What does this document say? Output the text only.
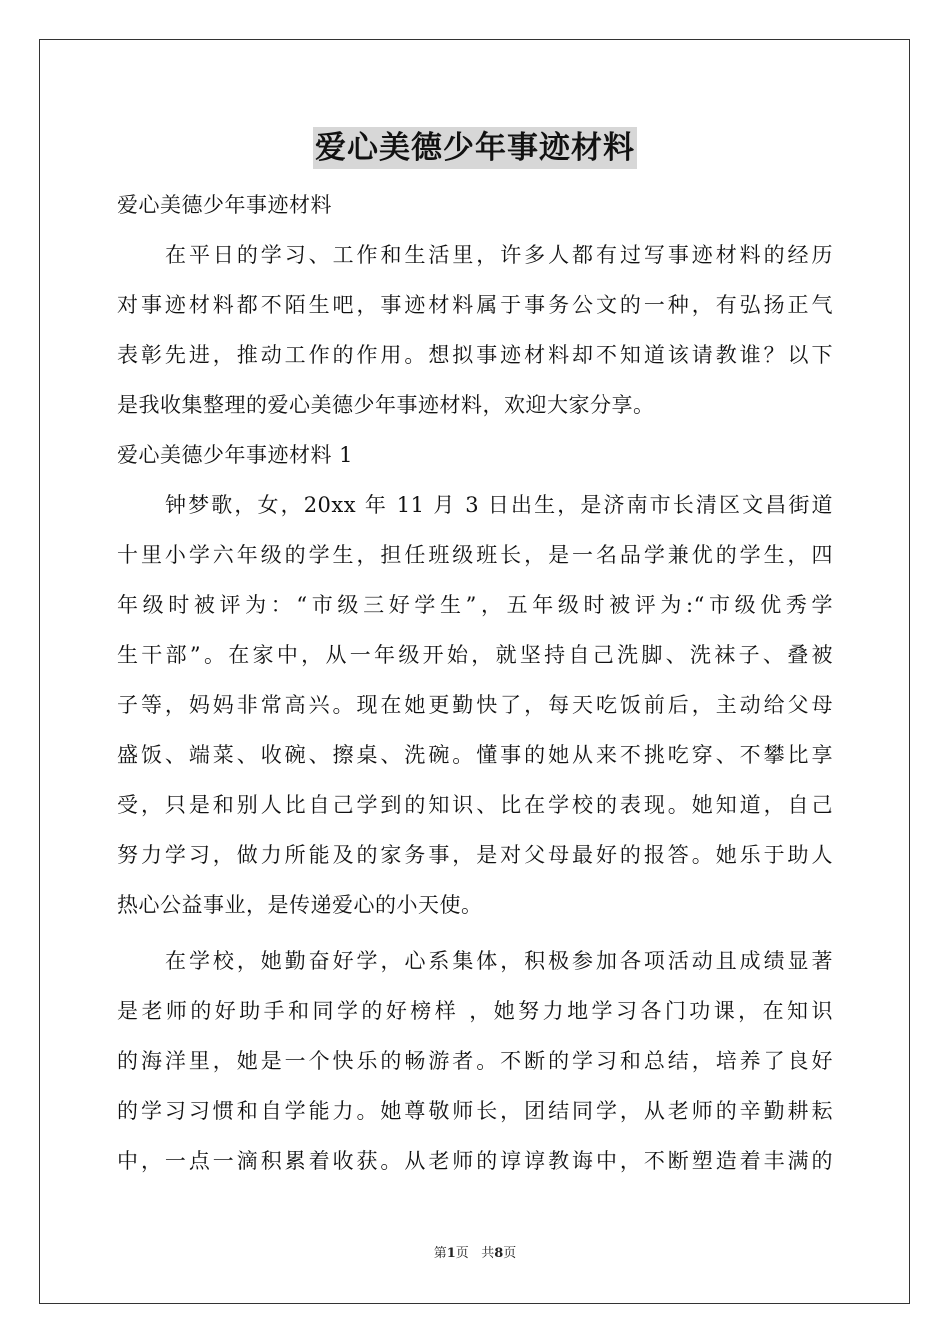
爱心美德少年事迹材料
爱心美德少年事迹材料
在平日的学习、工作和生活里，许多人都有过写事迹材料的经历
对事迹材料都不陌生吧，事迹材料属于事务公文的一种，有弘扬正气
表彰先进，推动工作的作用。想拟事迹材料却不知道该请教谁？以下
是我收集整理的爱心美德少年事迹材料，欢迎大家分享。
爱心美德少年事迹材料 1
钟梦歌，女，20xx 年 11 月 3 日出生，是济南市长清区文昌街道
十里小学六年级的学生，担任班级班长，是一名品学兼优的学生，四
年级时被评为：“市级三好学生”，五年级时被评为:“市级优秀学
生干部”。在家中，从一年级开始，就坚持自己洗脚、洗袜子、叠被
子等，妈妈非常高兴。现在她更勤快了，每天吃饭前后，主动给父母
盛饭、端菜、收碗、擦桌、洗碗。懂事的她从来不挑吃穿、不攀比享
受，只是和别人比自己学到的知识、比在学校的表现。她知道，自己
努力学习，做力所能及的家务事，是对父母最好的报答。她乐于助人
热心公益事业，是传递爱心的小天使。
在学校，她勤奋好学，心系集体，积极参加各项活动且成绩显著
是老师的好助手和同学的好榜样 ，她努力地学习各门功课，在知识
的海洋里，她是一个快乐的畅游者。不断的学习和总结，培养了良好
的学习习惯和自学能力。她尊敬师长，团结同学，从老师的辛勤耕耘
中，一点一滴积累着收获。从老师的谆谆教诲中，不断塑造着丰满的
第1页 共8页
